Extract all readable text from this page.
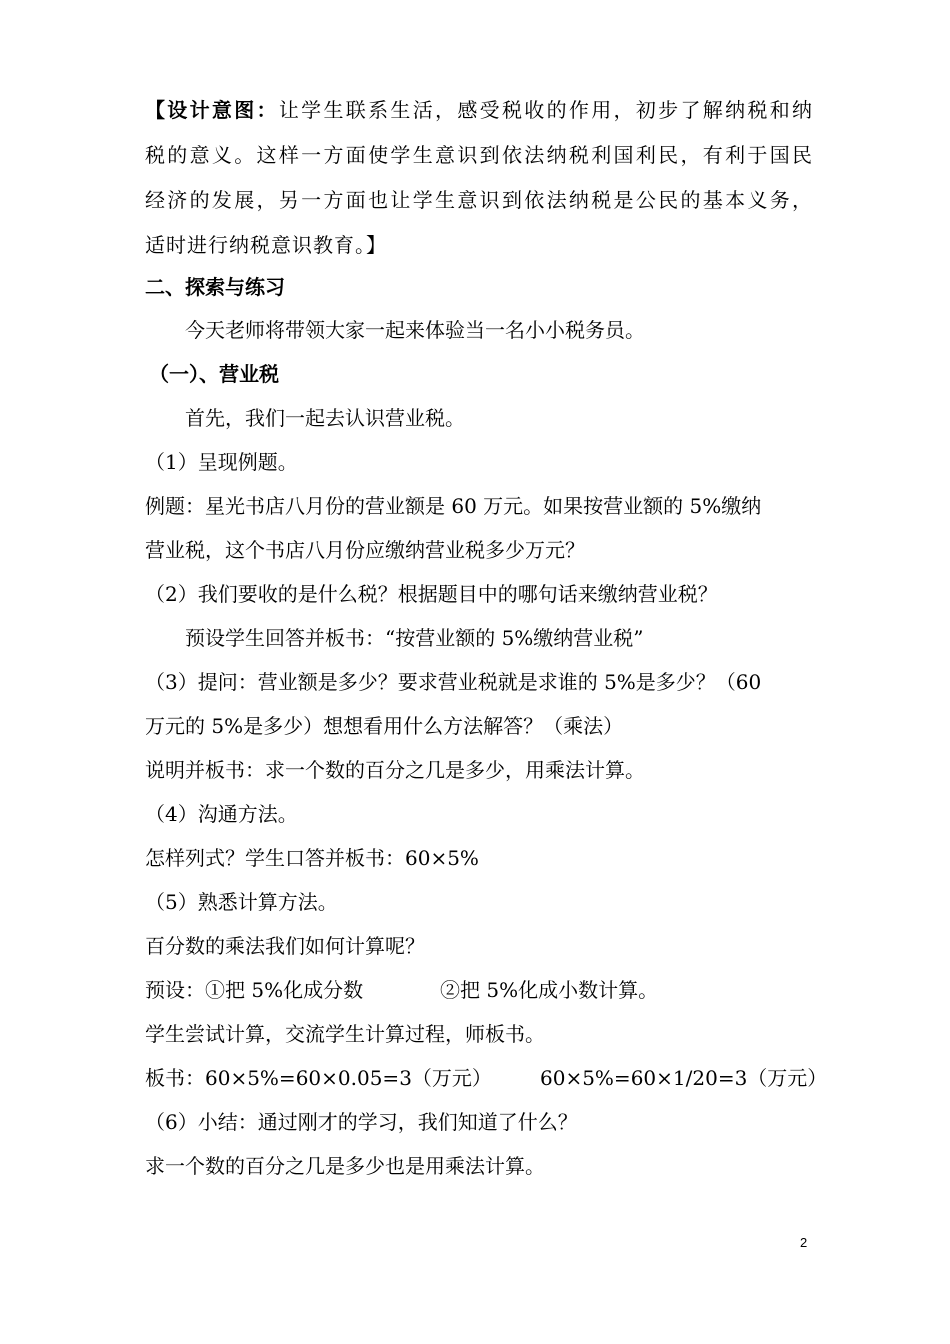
【设计意图：让学生联系生活，感受税收的作用，初步了解纳税和纳
税的意义。这样一方面使学生意识到依法纳税利国利民，有利于国民
经济的发展，另一方面也让学生意识到依法纳税是公民的基本义务，
适时进行纳税意识教育。】
二、探索与练习
今天老师将带领大家一起来体验当一名小小税务员。
（一）、营业税
首先，我们一起去认识营业税。
（1）呈现例题。
例题：星光书店八月份的营业额是 60 万元。如果按营业额的 5%缴纳
营业税，这个书店八月份应缴纳营业税多少万元？
（2）我们要收的是什么税？根据题目中的哪句话来缴纳营业税？
预设学生回答并板书：“按营业额的 5%缴纳营业税”
（3）提问：营业额是多少？要求营业税就是求谁的 5%是多少？（60
万元的 5%是多少）想想看用什么方法解答？（乘法）
说明并板书：求一个数的百分之几是多少，用乘法计算。
（4）沟通方法。
怎样列式？学生口答并板书：60×5%
（5）熟悉计算方法。
百分数的乘法我们如何计算呢？
预设：①把 5%化成分数	②把 5%化成小数计算。
学生尝试计算，交流学生计算过程，师板书。
板书：60×5%=60×0.05=3（万元） 60×5%=60×1/20=3（万元）
（6）小结：通过刚才的学习，我们知道了什么？
求一个数的百分之几是多少也是用乘法计算。
2
